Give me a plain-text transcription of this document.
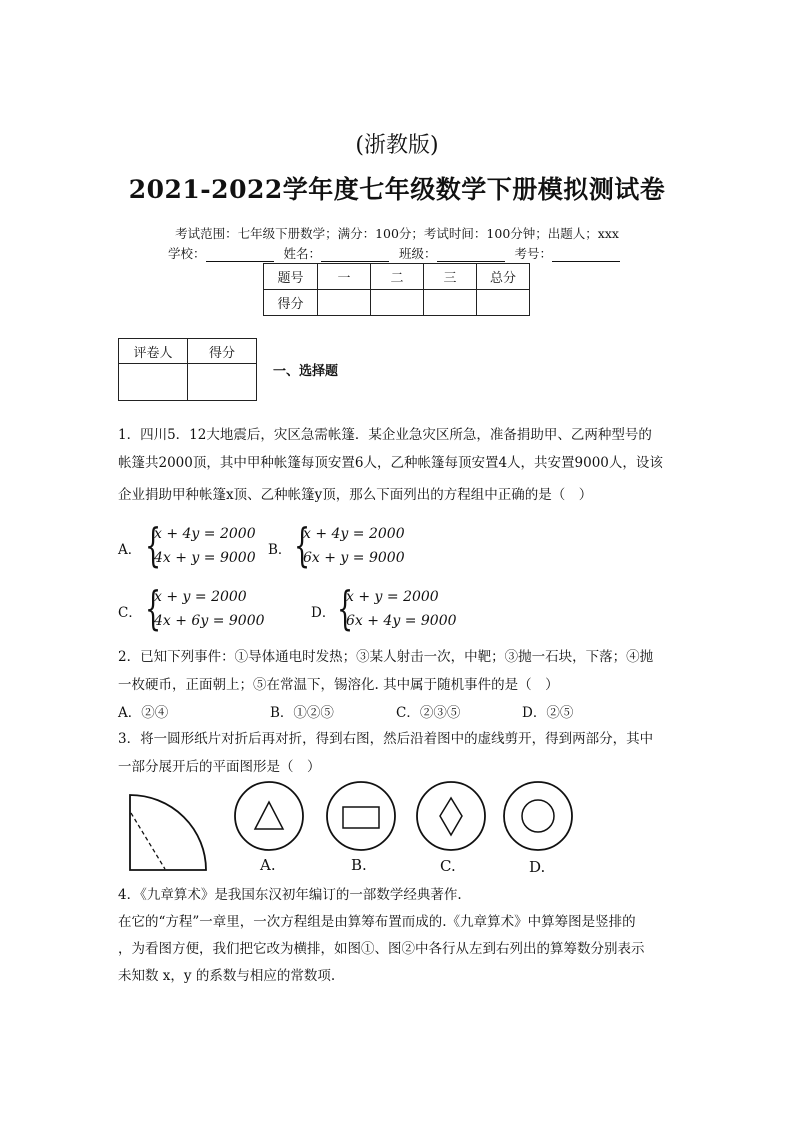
(浙教版)
2021-2022学年度七年级数学下册模拟测试卷
考试范围：七年级下册数学；满分：100分；考试时间：100分钟；出题人；xxx
学校：	姓名：	班级：	考号：
题号	一	二	三	总分
得分				
评卷人	得分

一、选择题
1．四川5．12大地震后，灾区急需帐篷．某企业急灾区所急，准备捐助甲、乙两种型号的
帐篷共2000顶，其中甲种帐篷每顶安置6人，乙种帐篷每顶安置4人，共安置9000人，设该
企业捐助甲种帐篷x顶、乙种帐篷y顶，那么下面列出的方程组中正确的是（　）
A． {
x + 4y = 2000
4x + y = 9000 B． {
x + 4y = 2000
6x + y = 9000
C． {
x + y = 2000
4x + 6y = 9000	D． {
x + y = 2000
6x + 4y = 9000
2．已知下列事件：①导体通电时发热；③某人射击一次，中靶；③抛一石块，下落；④抛
一枚硬币，正面朝上；⑤在常温下，锡溶化. 其中属于随机事件的是（　）
A．②④	B．①②⑤	C．②③⑤	D．②⑤
3．将一圆形纸片对折后再对折，得到右图，然后沿着图中的虚线剪开，得到两部分，其中
一部分展开后的平面图形是（　）
A.	B.	C.	D.
4．《九章算术》是我国东汉初年编订的一部数学经典著作.
在它的“方程”一章里，一次方程组是由算筹布置而成的.《九章算术》中算筹图是竖排的
，为看图方便，我们把它改为横排，如图①、图②中各行从左到右列出的算筹数分别表示
未知数 x，y 的系数与相应的常数项.
